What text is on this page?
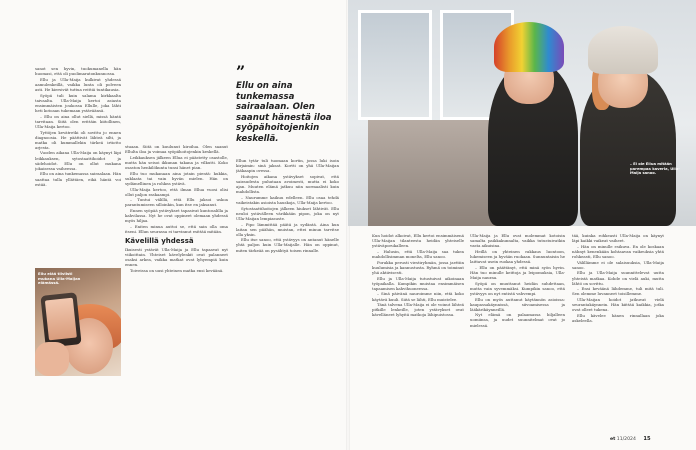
sanot sen hyvin, tuokumanella hän huomasi, että oli puolimaratonkunnossa.

Ellu ja Ulla-Maija kulkivat yhdessä aamulenkeillä, vaikka lunta oli polveen asti. He kiersivät tuttua reittiä tuntikausia.

Syöpä tuli kuin salama kirkkaalta taivaalta. Ulla-Maija kertoi asiasta ensimmäisten joukossa Ellulle, joka lähti heti kotoaan tukemaan ystäväänsä.

– Ellu on aina ollut siellä, missä häntä tarvitaan. Siitä olen erittäin kiitollinen, Ulla-Maija kertoo.

Tyttöjen kevätretki oli sovittu jo ennen diagnoosia. He päättivät lähteä silti, ja matka oli kummallekin tärkeä irtiotto arjesta.

Vuoden aikana Ulla-Maija on käynyt läpi leikkauksen, sytostaattihoidot ja sädehoidot. Ellu on ollut mukana jokaisessa vaiheessa.

Ellu on aina tunkemassa sairaalaan. Hän saattaa tulla yllättäen, eikä häntä voi estää.

Ellu elää tiiviisti mukana Ulla-Maijan elämässä.

stuaan. Siitä on kuulunut kiroilua. Olen saanut Ellulta iloa ja voimaa syöpähoitojenkin keskellä.

Leikkauksen jälkeen Ellua ei päästetty osastolle, mutta hän seisoi ikkunan takana ja vilkutti. Koko osaston henkilökunta tunsi hänet pian.

Ellu tuo mukanaan aina jotain pientä: kukkia, suklaata tai vain hyvän mielen. Hän on sydämellinen ja rohkea ystävä.

Ulla-Maija kertoo, että ilman Ellua vuosi olisi ollut paljon raskaampi.

– Tuntui välillä, että Ellu jaksoi uskoa parantumiseen silloinkin, kun itse en jaksanut.

Ennen syöpää ystävykset tapasivat kuntosalilla ja kahvilassa. Nyt he ovat oppineet olemaan yhdessä myös hiljaa.

– Eniten minua auttoi se, että sain olla oma itseni. Ellun seurassa ei tarvinnut esittää mitään.

Kävelillä yhdessä

Ikuisesti ystävät Ulla-Maija ja Ellu tapaavat nyt viikoittain. Yhteiset kävelylenkit ovat palanneet osaksi arkea, vaikka matkat ovat lyhyempiä kuin ennen.

Toiveissa on uusi yhteinen matka ensi keväänä.

”
Ellu on aina tunkemassa sairaalaan. Olen saanut hänestä iloa syöpähoitojenkin keskellä.

Ellun tytär tuli tuomaan kortin, jossa luki isoin kirjaimin: sinä jaksat. Kortti on yhä Ulla-Maijan jääkaapin ovessa.

Hoitojen aikana ystävykset sopivat, että sairaudesta puhutaan avoimesti, mutta ei koko ajan. Muuten elämä jatkuu niin normaalisti kuin mahdollista.

– Naurumme kaikuu edelleen. Ellu osaa tehdä vaikeistakin asioista hauskoja, Ulla-Maija kertoo.

Sytostaattihoitojen jälkeen hiukset lähtivät. Ellu neuloi ystävälleen värikkään pipon, joka on nyt Ulla-Maijan lempiasuste.

– Pipo lämmittää päätä ja sydäntä. Aina kun laitan sen päähän, muistan, ettei minun tarvitse olla yksin.

Ellu itse sanoo, että ystävyys on antanut hänelle yhtä paljon kuin Ulla-Maijalle. Hän on oppinut, miten tärkeää on pysähtyä toisen rinnalle.

– Ei ole Ellua mitään parempaa kaveria, Ulla-Maija sanoo.

Kun hoidot alkoivat, Ellu kertoi ensimmäisenä Ulla-Maijan tilanteesta heidän yhteiselle ystäväporukalleen.

– Halusin, että Ulla-Maija saa tukea mahdollisimman monelta, Ellu sanoo.

Porukka perusti viestiryhmän, jossa jaettiin kuulumisia ja kannustusta. Ryhmä on toiminut yhä aktiivisesti.

Ellu ja Ulla-Maija tutustuivat aikoinaan työpaikalla. Kumpikin muistaa ensimmäisen tapaamisen kahvihuoneessa.

– Sinä päivänä nauroimme niin, että koko käytävä kuuli. Siitä se lähti, Ellu muistelee.

Tänä talvena Ulla-Maija ei ole voinut lähteä pitkille lenkeille, joten ystävykset ovat kävelläneet lyhyitä matkoja lähipuistossa.

Ulla-Maija ja Ellu ovat molemmat kotoisin samalta paikkakunnalta, vaikka tutustuivatkin vasta aikuisina.

Heillä on yhteinen rakkaus luontoon, lukemiseen ja hyvään ruokaan. Sunnuntaisin he laittavat usein ruokaa yhdessä.

– Ellu on päättänyt, että minä syön hyvin. Hän tuo minulle keittoja ja leipomuksia, Ulla-Maija nauraa.

Syöpä on muuttanut heidän suhdettaan, mutta vain syvemmäksi. Kumpikin sanoo, että ystävyys on nyt entistä vahvempi.

Ellu on myös auttanut käytännön asioissa: kaupassakäynnissä, siivoamisessa ja lääkärikäynneillä.

Nyt elämä on palaamassa hiljalleen uomiinsa, ja uudet suunnitelmat ovat jo mielessä.

tää, kuinka rohkeasti Ulla-Maija on käynyt läpi kaikki vaikeat vaiheet.

– Hän on minulle esikuva. En ole koskaan nähnyt kenenkään kohtaavan vaikeuksia yhtä rohkeasti, Ellu sanoo.

Välillämme ei ole salaisuuksia, Ulla-Maija sanoo.

Ellu ja Ulla-Maija suunnittelevat uutta yhteistä matkaa. Kohde on vielä auki, mutta lähtö on sovittu.

– Ensi keväänä lähdemme, tuli mitä tuli. Sen olemme luvanneet toisillemme.

Ulla-Maijan hoidot jatkuvat vielä seurantakäynnein. Hän kiittää kaikkia, jotka ovat olleet tukena.

Ellu kävelee hänen rinnallaan joka askeleella.

et 11/2024 15
